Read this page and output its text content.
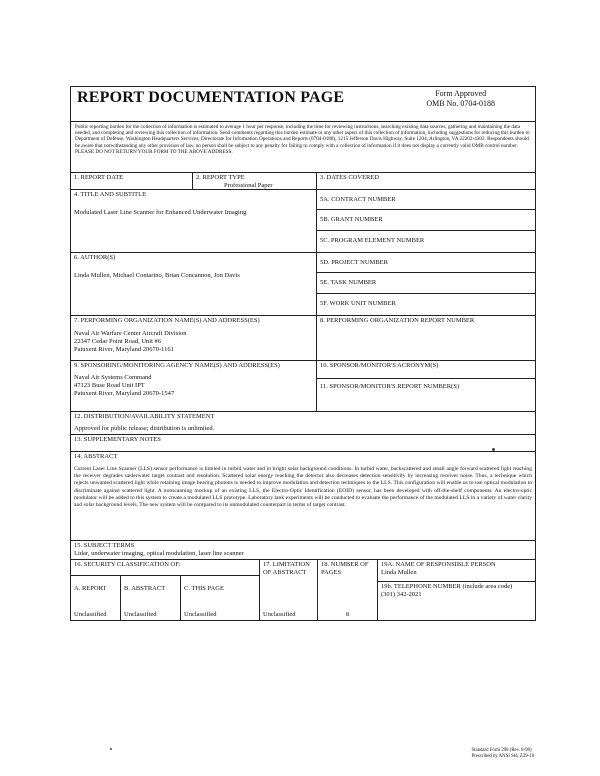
REPORT DOCUMENTATION PAGE	Form Approved
OMB No. 0704-0188
Public reporting burden for the collection of information is estimated to average 1 hour per response, including the time for reviewing instructions, searching existing data sources, gathering and maintaining the data needed, and completing and reviewing this collection of information. Send comments regarding this burden estimate or any other aspect of this collection of information, including suggestions for reducing this burden to Department of Defense, Washington Headquarters Services, Directorate for Information Operations and Reports (0704-0188), 1215 Jefferson Davis Highway, Suite 1204, Arlington, VA 22202-4302. Respondents should be aware that notwithstanding any other provision of law, no person shall be subject to any penalty for failing to comply with a collection of information if it does not display a currently valid OMB control number. PLEASE DO NOT RETURN YOUR FORM TO THE ABOVE ADDRESS.
1. REPORT DATE	2. REPORT TYPE
Professional Paper
3. DATES COVERED
4. TITLE AND SUBTITLE
Modulated Laser Line Scanner for Enhanced Underwater Imaging
5A. CONTRACT NUMBER
5B. GRANT NUMBER
5C. PROGRAM ELEMENT NUMBER
6. AUTHOR(S)
Linda Mullen, Michael Contarino, Brian Concannon, Jon Davis
5D. PROJECT NUMBER
5E. TASK NUMBER
5F. WORK UNIT NUMBER
7. PERFORMING ORGANIZATION NAME(S) AND ADDRESS(ES)
Naval Air Warfare Center Aircraft Division
22347 Cedar Point Road, Unit #6
Patuxent River, Maryland 20670-1161
8. PERFORMING ORGANIZATION REPORT NUMBER
9. SPONSORING/MONITORING AGENCY NAME(S) AND ADDRESS(ES)
Naval Air Systems Command
47123 Buse Road Unit IPT
Patuxent River, Maryland 20670-1547
10. SPONSOR/MONITOR'S ACRONYM(S)
11. SPONSOR/MONITOR'S REPORT NUMBER(S)
12. DISTRIBUTION/AVAILABILITY STATEMENT
Approved for public release; distribution is unlimited.
13. SUPPLEMENTARY NOTES
14. ABSTRACT
Current Laser Line Scanner (LLS) sensor performance is limited in turbid water and in bright solar background conditions. In turbid water, backscattered and small angle forward scattered light reaching the receiver degrades underwater target contrast and resolution. Scattered solar energy reaching the detector also decreases detection sensitivity by increasing receiver noise. Thus, a technique which rejects unwanted scattered light while retaining image bearing photons is needed to improve modulation and detection techniques to the LLS. This configuration will enable us to use optical modulation to discriminate against scattered light. A nonscanning mockup of an existing LLS, the Electro-Optic Identification (EOID) sensor, has been developed with off-the-shelf components. An electro-optic modulator will be added to this system to create a modulated LLS prototype. Laboratory tank experiments will be conducted to evaluate the performance of the modulated LLS in a variety of water clarity and solar background levels. The new system will be compared to its unmodulated counterpart in terms of target contrast.
15. SUBJECT TERMS
Lidar, underwater imaging, optical modulation, laser line scanner
16. SECURITY CLASSIFICATION OF:
A. REPORT
Unclassified
B. ABSTRACT
Unclassified
C. THIS PAGE
Unclassified
17. LIMITATION OF ABSTRACT
Unclassified
18. NUMBER OF PAGES
8
19A. NAME OF RESPONSIBLE PERSON
Linda Mullen
19b. TELEPHONE NUMBER (include area code)
(301) 342-2021
Standard Form 298 (Rev. 8-98)
Prescribed by ANSI Std. Z39-18
